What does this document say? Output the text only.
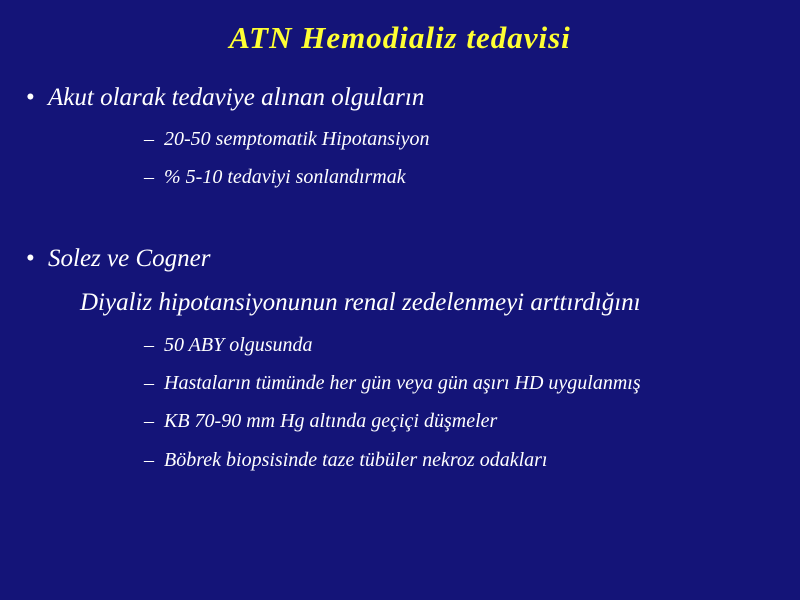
ATN Hemodializ tedavisi
• Akut olarak tedaviye alınan olguların
– 20-50 semptomatik Hipotansiyon
– % 5-10 tedaviyi sonlandırmak
• Solez ve Cogner
Diyaliz hipotansiyonunun renal zedelenmeyi arttırdığını
– 50 ABY olgusunda
– Hastaların tümünde her gün veya gün aşırı HD uygulanmış
– KB 70-90 mm Hg altında geçiçi düşmeler
– Böbrek biopsisinde taze tübüler nekroz odakları
